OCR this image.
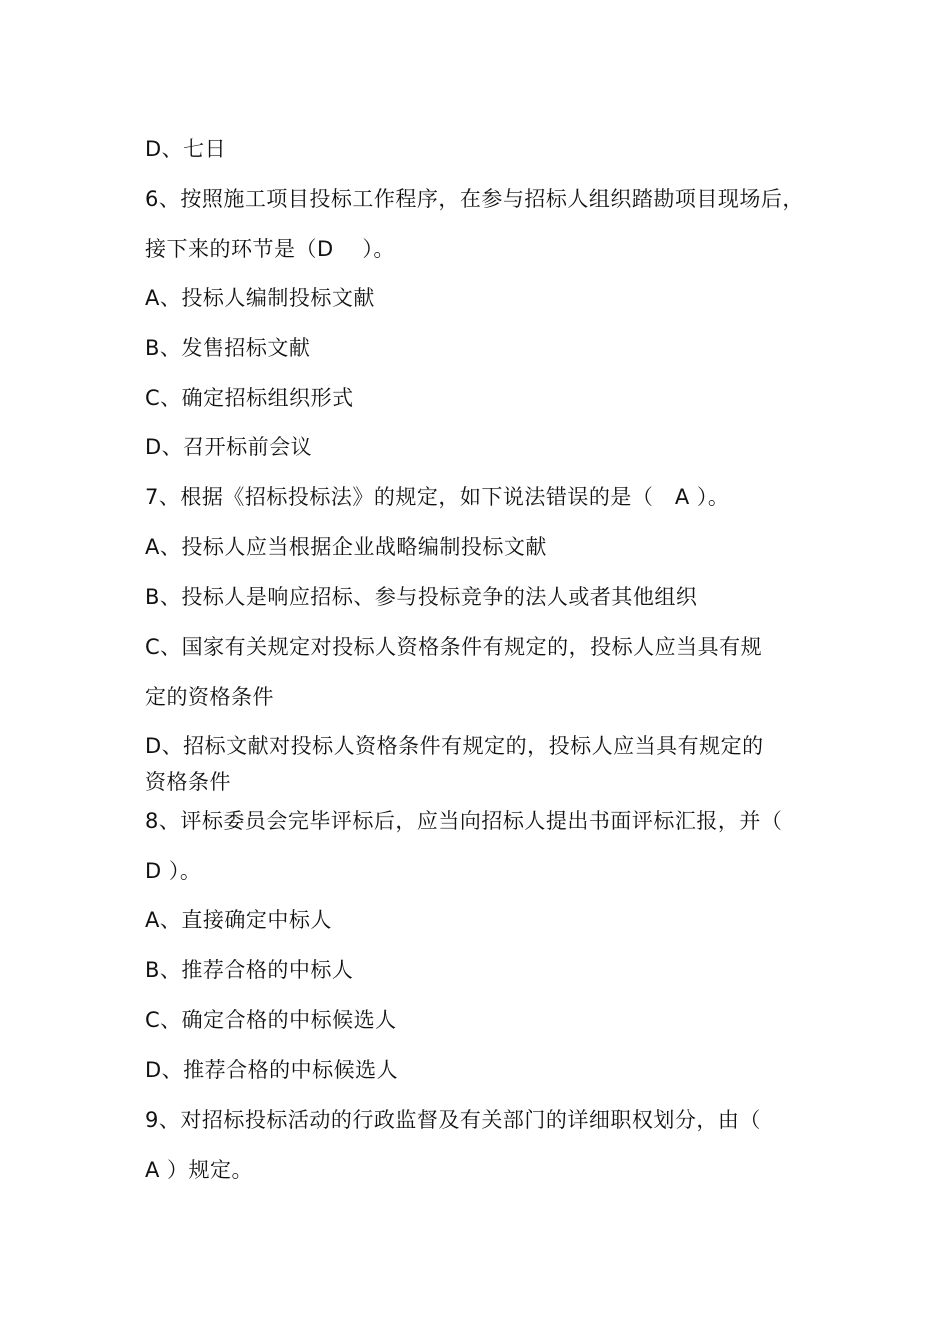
D、七日
6、按照施工项目投标工作程序，在参与招标人组织踏勘项目现场后，
接下来的环节是（D　 ）。
A、投标人编制投标文献
B、发售招标文献
C、确定招标组织形式
D、召开标前会议
7、根据《招标投标法》的规定，如下说法错误的是（　A ）。
A、投标人应当根据企业战略编制投标文献
B、投标人是响应招标、参与投标竞争的法人或者其他组织
C、国家有关规定对投标人资格条件有规定的，投标人应当具有规
定的资格条件
D、招标文献对投标人资格条件有规定的，投标人应当具有规定的
资格条件
8、评标委员会完毕评标后，应当向招标人提出书面评标汇报，并（
D ）。
A、直接确定中标人
B、推荐合格的中标人
C、确定合格的中标候选人
D、推荐合格的中标候选人
9、对招标投标活动的行政监督及有关部门的详细职权划分，由（
A ）规定。
